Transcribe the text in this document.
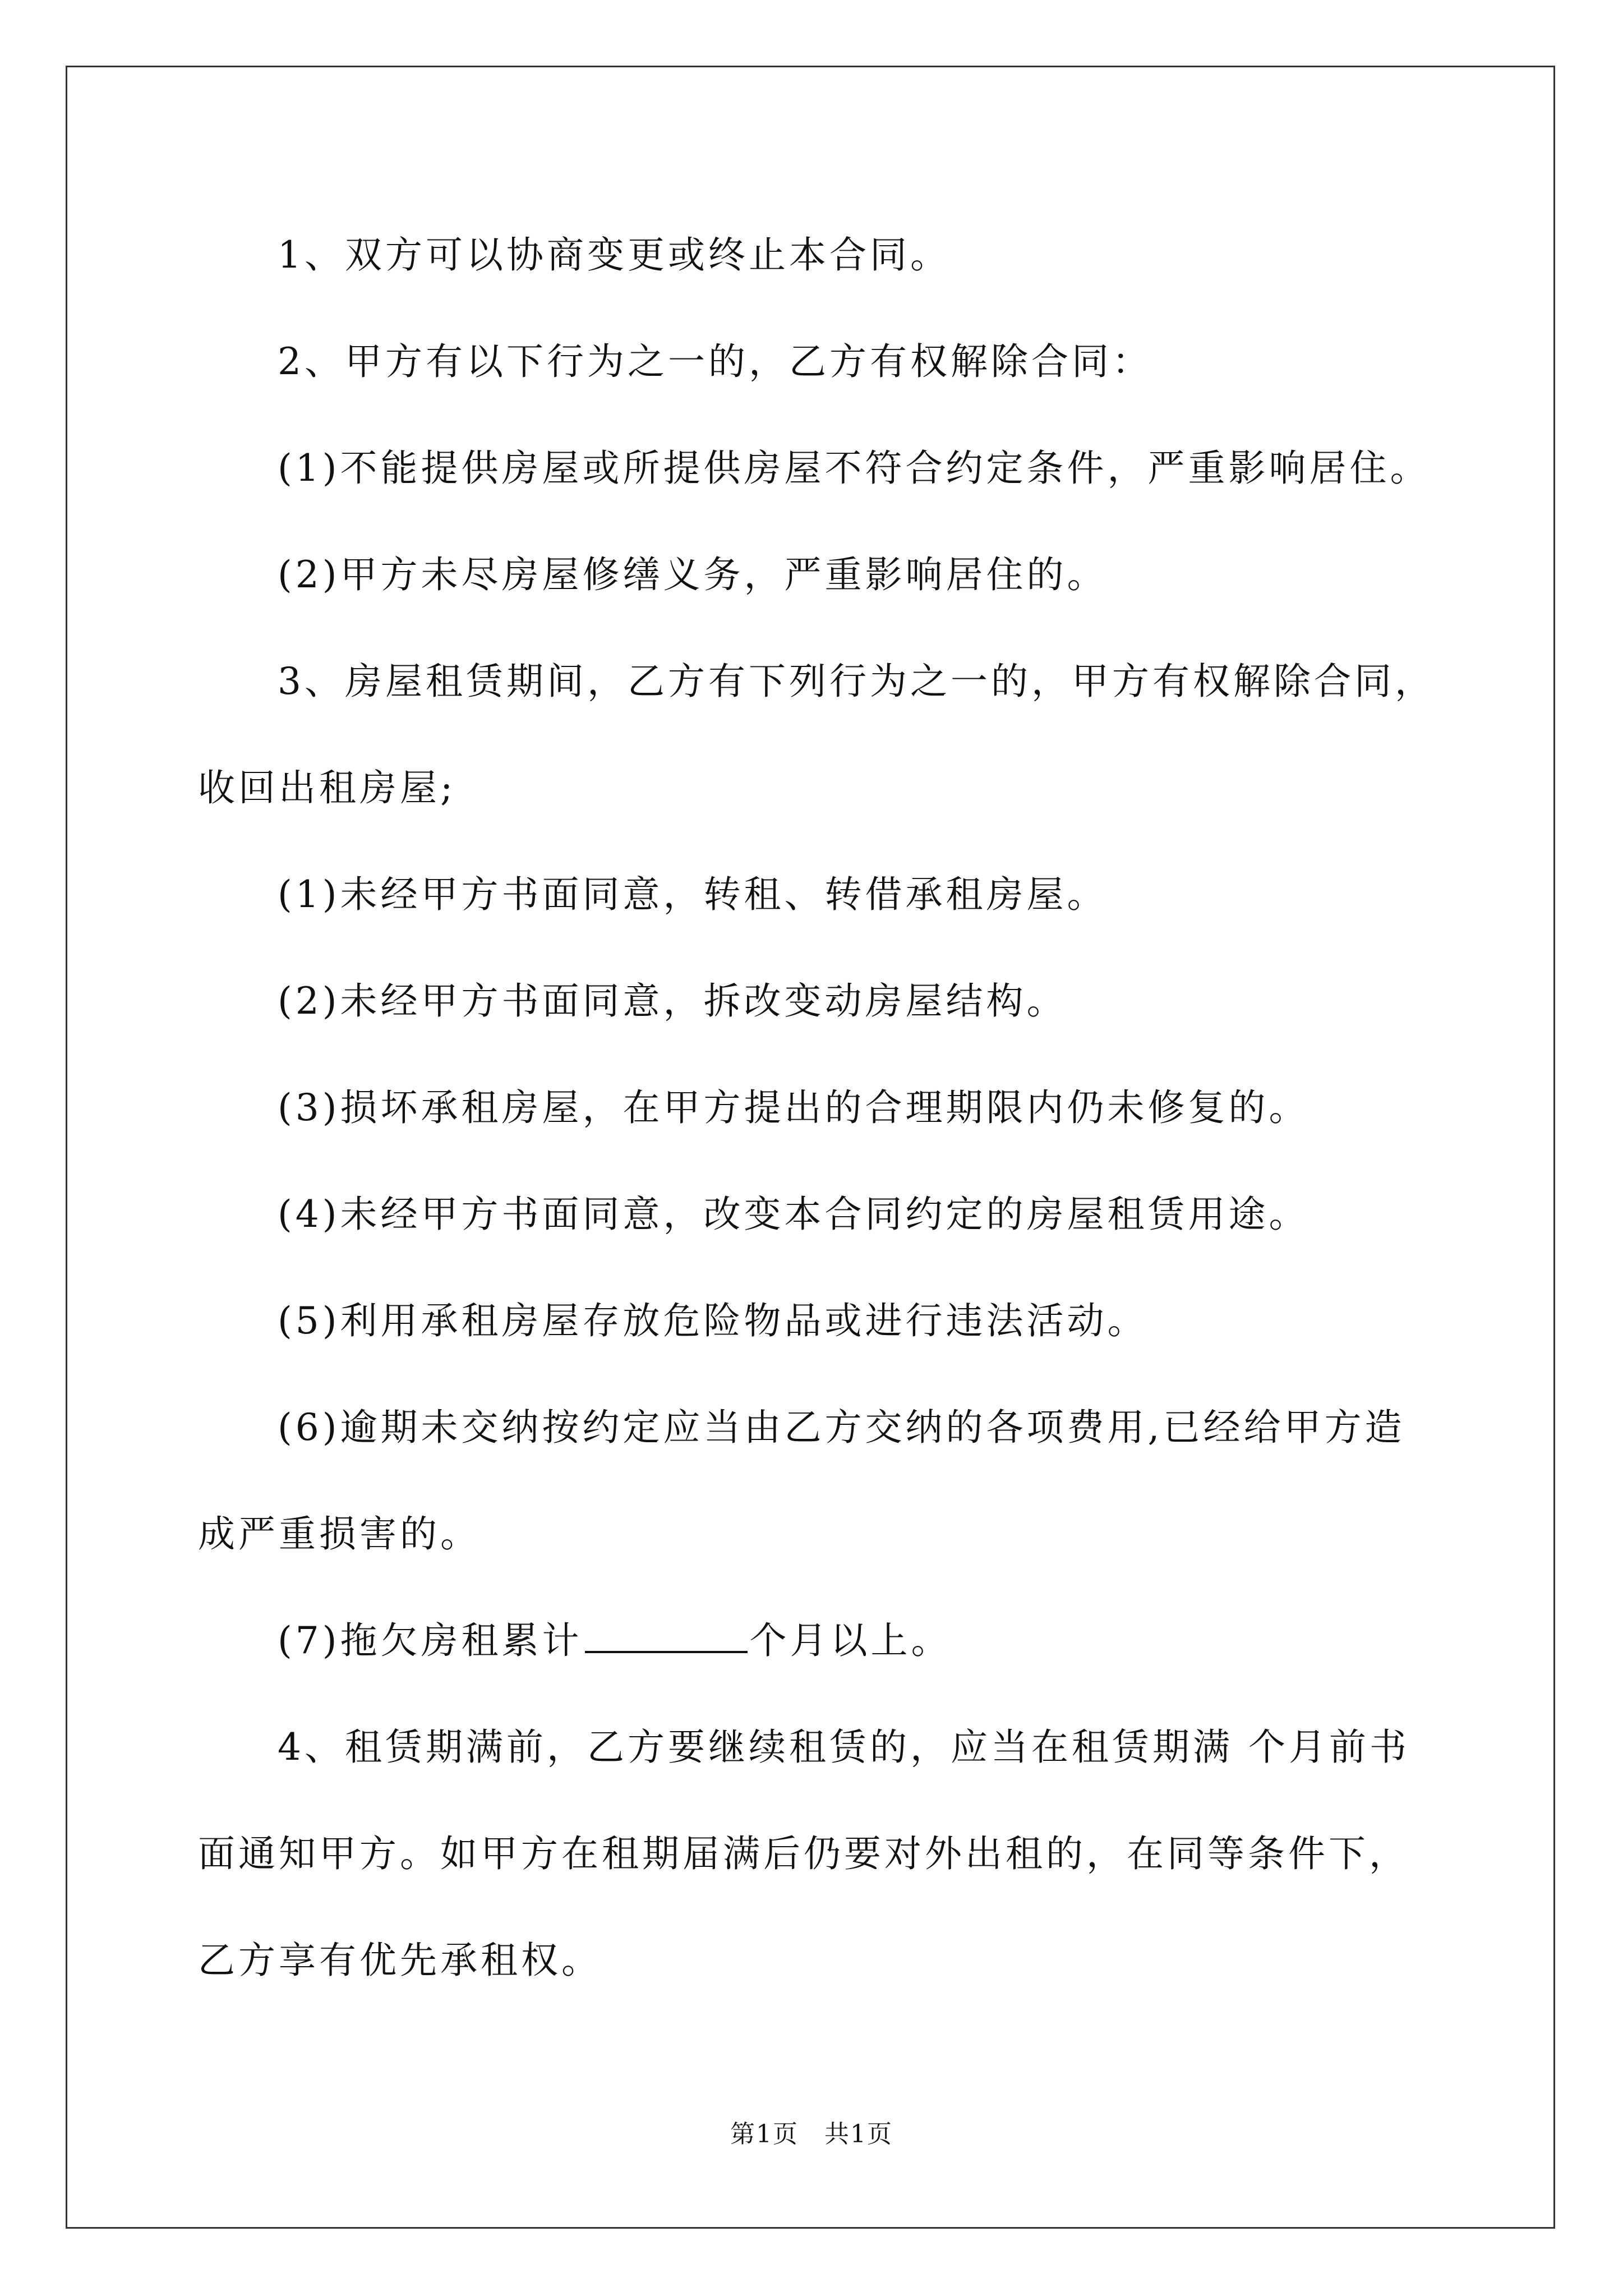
1、双方可以协商变更或终止本合同。
2、甲方有以下行为之一的，乙方有权解除合同：
(1)不能提供房屋或所提供房屋不符合约定条件，严重影响居住。
(2)甲方未尽房屋修缮义务，严重影响居住的。
3、房屋租赁期间，乙方有下列行为之一的，甲方有权解除合同，
收回出租房屋;
(1)未经甲方书面同意，转租、转借承租房屋。
(2)未经甲方书面同意，拆改变动房屋结构。
(3)损坏承租房屋，在甲方提出的合理期限内仍未修复的。
(4)未经甲方书面同意，改变本合同约定的房屋租赁用途。
(5)利用承租房屋存放危险物品或进行违法活动。
(6)逾期未交纳按约定应当由乙方交纳的各项费用,已经给甲方造
成严重损害的。
(7)拖欠房租累计	个月以上。
4、租赁期满前，乙方要继续租赁的，应当在租赁期满 个月前书
面通知甲方。如甲方在租期届满后仍要对外出租的，在同等条件下，
乙方享有优先承租权。
第1页　共1页
